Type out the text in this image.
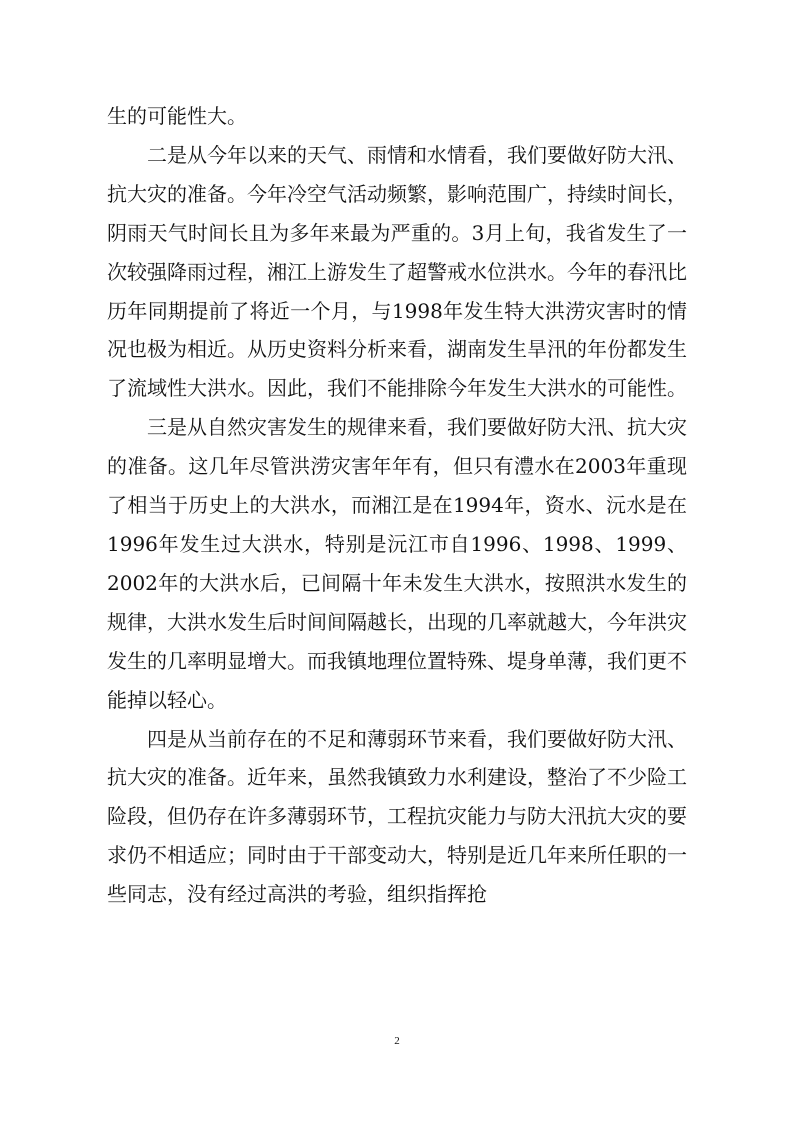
生的可能性大。

二是从今年以来的天气、雨情和水情看，我们要做好防大汛、抗大灾的准备。今年冷空气活动频繁，影响范围广，持续时间长，阴雨天气时间长且为多年来最为严重的。3月上旬，我省发生了一次较强降雨过程，湘江上游发生了超警戒水位洪水。今年的春汛比历年同期提前了将近一个月，与1998年发生特大洪涝灾害时的情况也极为相近。从历史资料分析来看，湖南发生旱汛的年份都发生了流域性大洪水。因此，我们不能排除今年发生大洪水的可能性。

三是从自然灾害发生的规律来看，我们要做好防大汛、抗大灾的准备。这几年尽管洪涝灾害年年有，但只有澧水在2003年重现了相当于历史上的大洪水，而湘江是在1994年，资水、沅水是在1996年发生过大洪水，特别是沅江市自1996、1998、1999、2002年的大洪水后，已间隔十年未发生大洪水，按照洪水发生的规律，大洪水发生后时间间隔越长，出现的几率就越大，今年洪灾发生的几率明显增大。而我镇地理位置特殊、堤身单薄，我们更不能掉以轻心。

四是从当前存在的不足和薄弱环节来看，我们要做好防大汛、抗大灾的准备。近年来，虽然我镇致力水利建设，整治了不少险工险段，但仍存在许多薄弱环节，工程抗灾能力与防大汛抗大灾的要求仍不相适应；同时由于干部变动大，特别是近几年来所任职的一些同志，没有经过高洪的考验，组织指挥抢

2
